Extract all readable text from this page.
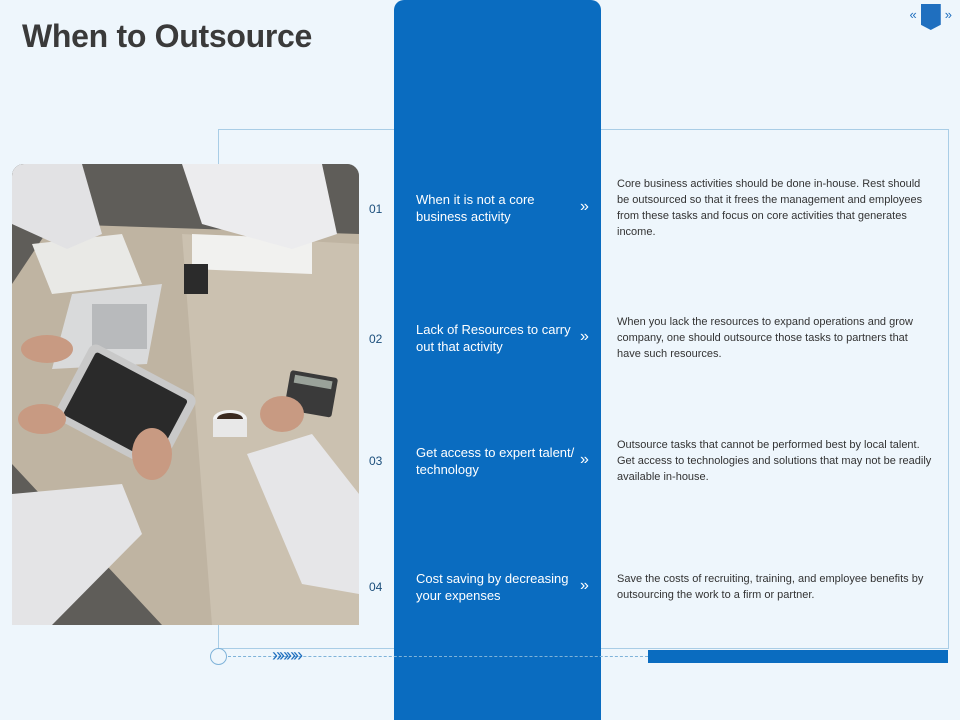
When to Outsource
« »
01
When it is not a core business activity
»
Core business activities should be done in-house. Rest should be outsourced so that it frees the management and employees from these tasks and focus on core activities that generates income.
02
Lack of Resources to carry out that activity
»
When you lack the resources to expand operations and grow company, one should outsource those tasks to partners that have such resources.
03
Get access to expert talent/ technology
»
Outsource tasks that cannot be performed best by local talent. Get access to technologies and solutions that may not be readily available in-house.
04
Cost saving by decreasing your expenses
»	Save the costs of recruiting, training, and employee benefits by outsourcing the work to a firm or partner.
»»»»
